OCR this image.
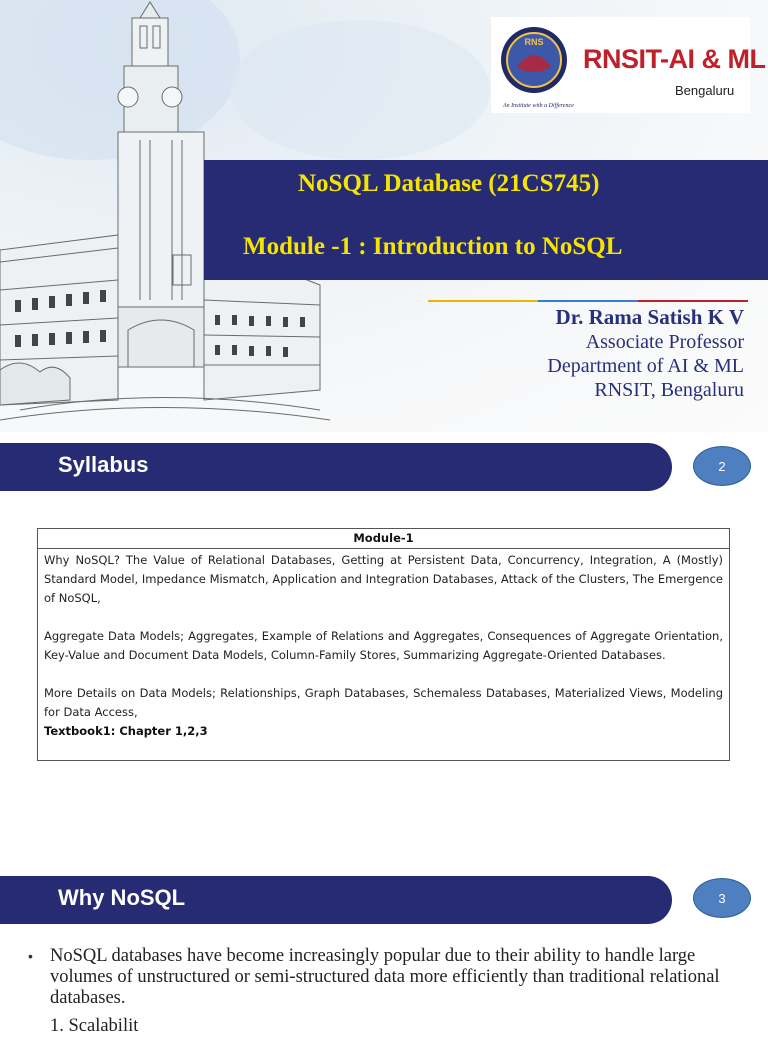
RNS
RNSIT-AI & ML
Bengaluru
An Institute with a Difference
NoSQL Database (21CS745)
Module -1 : Introduction to NoSQL
Dr. Rama Satish K V
Associate Professor
Department of AI & ML
RNSIT, Bengaluru
Syllabus	2
Module-1

Why NoSQL? The Value of Relational Databases, Getting at Persistent Data, Concurrency, Integration, A (Mostly) Standard Model, Impedance Mismatch, Application and Integration Databases, Attack of the Clusters, The Emergence of NoSQL,

Aggregate Data Models; Aggregates, Example of Relations and Aggregates, Consequences of Aggregate Orientation, Key-Value and Document Data Models, Column-Family Stores, Summarizing Aggregate-Oriented Databases.

More Details on Data Models; Relationships, Graph Databases, Schemaless Databases, Materialized Views, Modeling for Data Access,

Textbook1: Chapter 1,2,3

Why NoSQL	3
• NoSQL databases have become increasingly popular due to their ability to handle large volumes of unstructured or semi-structured data more efficiently than traditional relational databases.
1. Scalabilit
